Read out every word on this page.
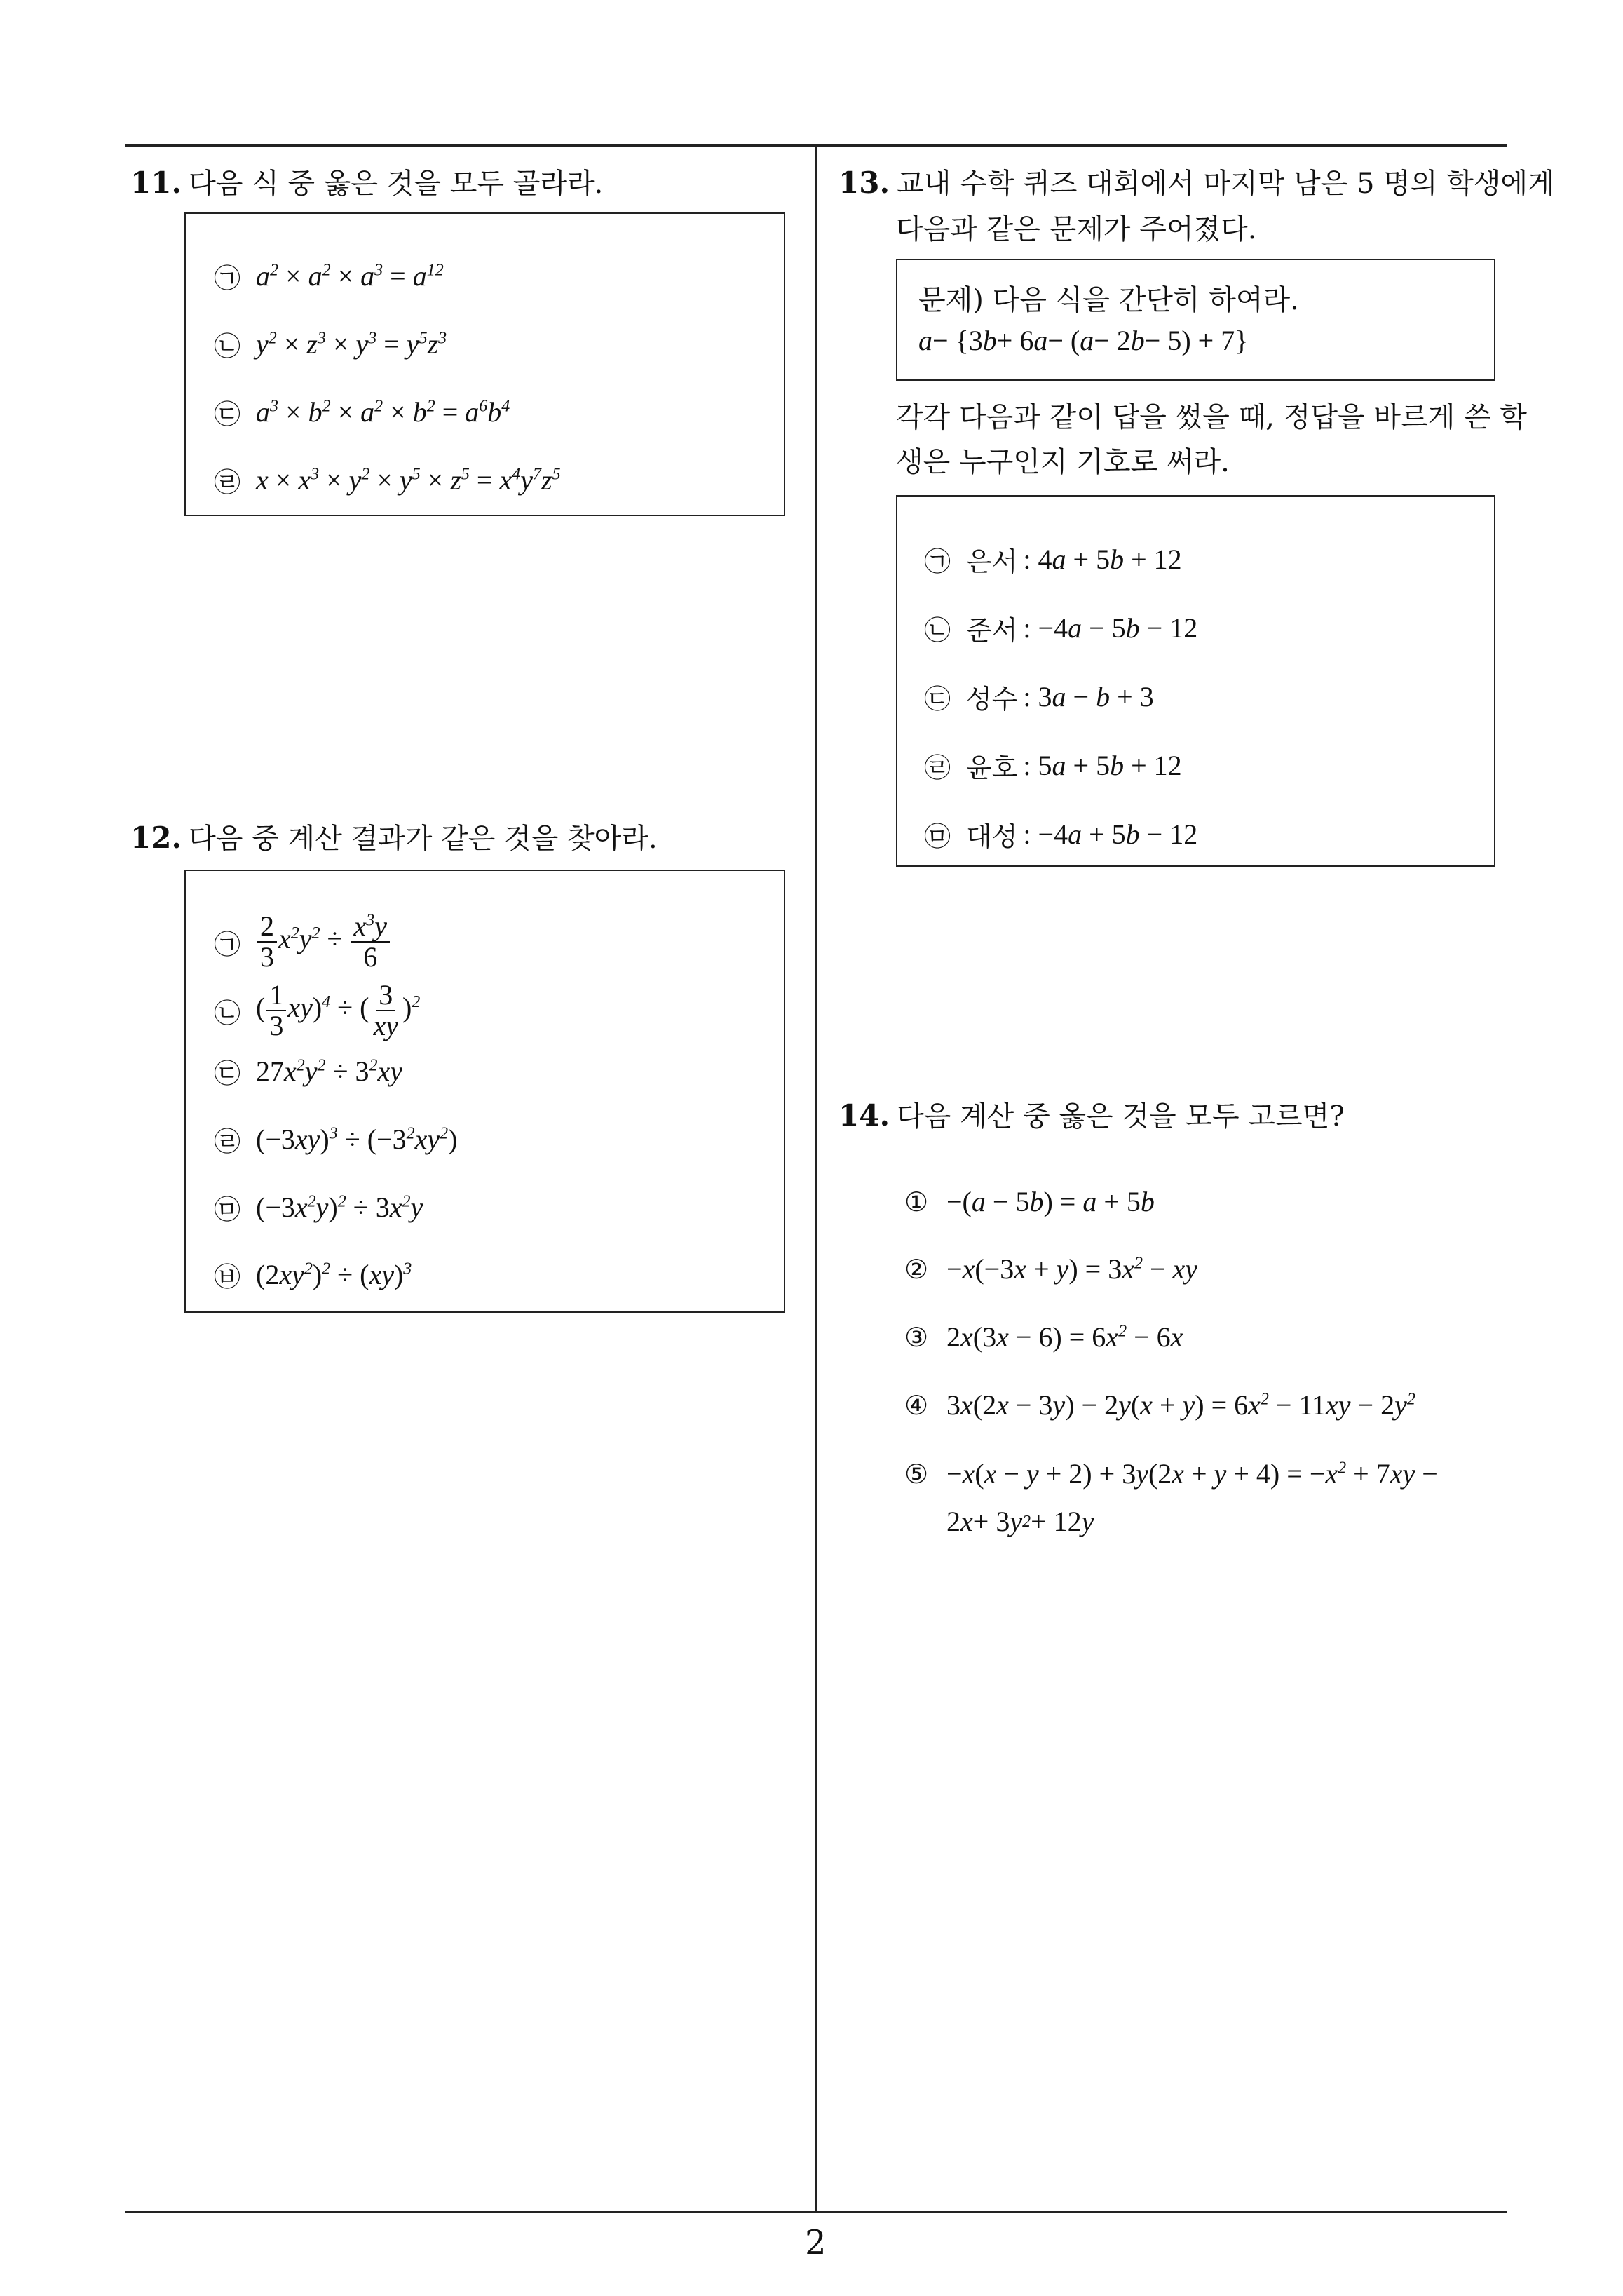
11. 다음 식 중 옳은 것을 모두 골라라.
㉠ $a^2 \times a^2 \times a^3 = a^{12}$
㉡ $y^2 \times z^3 \times y^3 = y^5z^3$
㉢ $a^3 \times b^2 \times a^2 \times b^2 = a^6b^4$
㉣ $x \times x^3 \times y^2 \times y^5 \times z^5 = x^4y^7z^5$
12. 다음 중 계산 결과가 같은 것을 찾아라.
㉠ $\frac{2}{3} x^2y^2 \div \frac{x^3y}{6}$
㉡ ( $\frac{1}{3} xy)^4$ ÷ ( $\frac{3}{xy} )^2$
㉢ $27x^2y^2 \div 3^2xy$
㉣ $(-3xy)^3 \div (-3^2xy^2)$
㉤ $(-3x^2y)^2 \div 3x^2y$
㉥ $(2xy^2)^2 \div (xy)^3$
13. 교내 수학 퀴즈 대회에서 마지막 남은 5 명의 학생에게
다음과 같은 문제가 주어졌다.
문제) 다음 식을 간단히 하여라.
a − {3 b + 6 a − ( a − 2 b − 5) + 7}
각각 다음과 같이 답을 썼을 때, 정답을 바르게 쓴 학
생은 누구인지 기호로 써라.
㉠ 은서 : 4a + 5b + 12
㉡ 준서 : −4a − 5b − 12
㉢ 성수 : 3a − b + 3
㉣ 윤호 : 5a + 5b + 12
㉤ 대성 : −4a + 5b − 12
14. 다음 계산 중 옳은 것을 모두 고르면?
① −(a − 5b) = a + 5b
② $-x(-3x + y) = 3x^2$ − xy
③ $2x(3x - 6) = 6x^2 - 6x$
④ $3x(2x - 3y) - 2y(x + y) = 6x^2 - 11xy - 2y^2$
⑤ $-x(x - y + 2) + 3y(2x + y + 4) = -x^2 + 7xy$ −
2 x + 3 y 2 + 12 y
2
